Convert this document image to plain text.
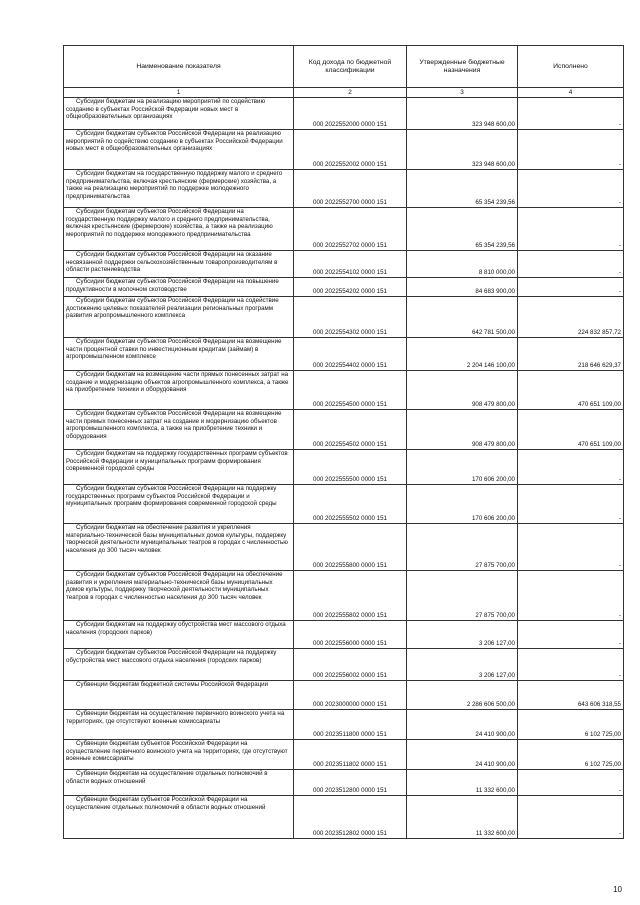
Наименование показателя	Код дохода по бюджетной классификации	Утвержденные бюджетные назначения	Исполнено
1	2	3	4
Субсидии бюджетам на реализацию мероприятий по содействию созданию в субъектах Российской Федерации новых мест в общеобразовательных организациях	000 2022552000 0000 151	323 948 600,00	-
Субсидии бюджетам субъектов Российской Федерации на реализацию мероприятий по содействию созданию в субъектах Российской Федерации новых мест в общеобразовательных организациях	000 2022552002 0000 151	323 948 600,00	-
Субсидии бюджетам на государственную поддержку малого и среднего предпринимательства, включая крестьянские (фермерские) хозяйства, а также на реализацию мероприятий по поддержке молодежного предпринимательства	000 2022552700 0000 151	65 354 239,56	-
Субсидии бюджетам субъектов Российской Федерации на государственную поддержку малого и среднего предпринимательства, включая крестьянские (фермерские) хозяйства, а также на реализацию мероприятий по поддержке молодежного предпринимательства	000 2022552702 0000 151	65 354 239,56	-
Субсидии бюджетам субъектов Российской Федерации на оказание несвязанной поддержки сельскохозяйственным товаропроизводителям в области растениеводства	000 2022554102 0000 151	8 810 000,00	-
Субсидии бюджетам субъектов Российской Федерации на повышение продуктивности в молочном скотоводстве	000 2022554202 0000 151	84 683 900,00	-
Субсидии бюджетам субъектов Российской Федерации на содействие достижению целевых показателей реализации региональных программ развития агропромышленного комплекса	000 2022554302 0000 151	642 781 500,00	224 832 857,72
Субсидии бюджетам субъектов Российской Федерации на возмещение части процентной ставки по инвестиционным кредитам (займам) в агропромышленном комплексе	000 2022554402 0000 151	2 204 146 100,00	218 646 629,37
Субсидии бюджетам на возмещение части прямых понесенных затрат на создание и модернизацию объектов агропромышленного комплекса, а также на приобретение техники и оборудования	000 2022554500 0000 151	908 479 800,00	470 651 109,00
Субсидии бюджетам субъектов Российской Федерации на возмещение части прямых понесенных затрат на создание и модернизацию объектов агропромышленного комплекса, а также на приобретение техники и оборудования	000 2022554502 0000 151	908 479 800,00	470 651 109,00
Субсидии бюджетам на поддержку государственных программ субъектов Российской Федерации и муниципальных программ формирования современной городской среды	000 2022555500 0000 151	170 606 200,00	-
Субсидии бюджетам субъектов Российской Федерации на поддержку государственных программ субъектов Российской Федерации и муниципальных программ формирования современной городской среды	000 2022555502 0000 151	170 606 200,00	-
Субсидии бюджетам на обеспечение развития и укрепления материально-технической базы муниципальных домов культуры, поддержку творческой деятельности муниципальных театров в городах с численностью населения до 300 тысяч человек	000 2022555800 0000 151	27 875 700,00	-
Субсидии бюджетам субъектов Российской Федерации на обеспечение развития и укрепления материально-технической базы муниципальных домов культуры, поддержку творческой деятельности муниципальных театров в городах с численностью населения до 300 тысяч человек	000 2022555802 0000 151	27 875 700,00	-
Субсидии бюджетам на поддержку обустройства мест массового отдыха населения (городских парков)	000 2022556000 0000 151	3 206 127,00	-
Субсидии бюджетам субъектов Российской Федерации на поддержку обустройства мест массового отдыха населения (городских парков)	000 2022556002 0000 151	3 206 127,00	-
Субвенции бюджетам бюджетной системы Российской Федерации	000 2023000000 0000 151	2 286 606 500,00	643 606 318,55
Субвенции бюджетам на осуществление первичного воинского учета на территориях, где отсутствуют военные комиссариаты	000 2023511800 0000 151	24 410 900,00	6 102 725,00
Субвенции бюджетам субъектов Российской Федерации на осуществление первичного воинского учета на территориях, где отсутствуют военные комиссариаты	000 2023511802 0000 151	24 410 900,00	6 102 725,00
Субвенции бюджетам на осуществление отдельных полномочий в области водных отношений	000 2023512800 0000 151	11 332 600,00	-
Субвенции бюджетам субъектов Российской Федерации на осуществление отдельных полномочий в области водных отношений	000 2023512802 0000 151	11 332 600,00	-
10
